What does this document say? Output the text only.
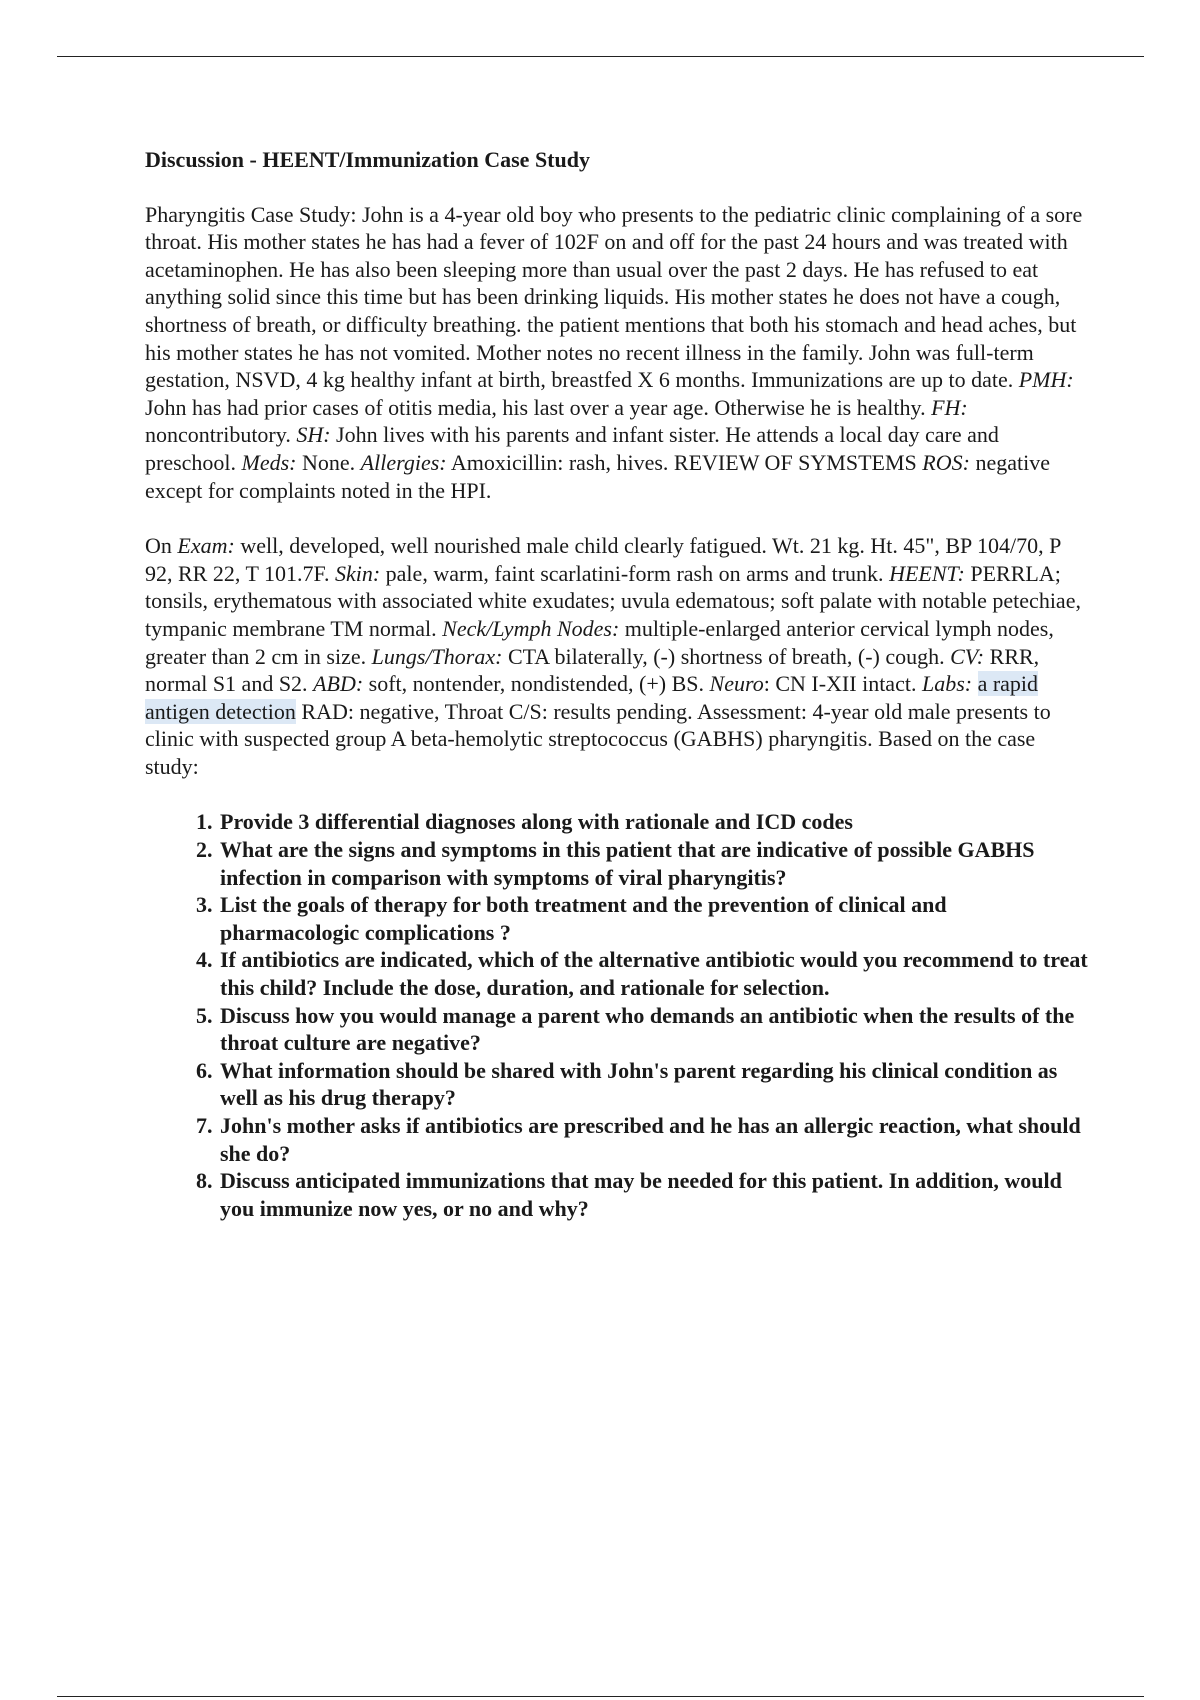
Discussion - HEENT/Immunization Case Study

Pharyngitis Case Study: John is a 4-year old boy who presents to the pediatric clinic complaining of a sore throat. His mother states he has had a fever of 102F on and off for the past 24 hours and was treated with acetaminophen. He has also been sleeping more than usual over the past 2 days. He has refused to eat anything solid since this time but has been drinking liquids. His mother states he does not have a cough, shortness of breath, or difficulty breathing. the patient mentions that both his stomach and head aches, but his mother states he has not vomited. Mother notes no recent illness in the family. John was full-term gestation, NSVD, 4 kg healthy infant at birth, breastfed X 6 months. Immunizations are up to date. PMH: John has had prior cases of otitis media, his last over a year age. Otherwise he is healthy. FH: noncontributory. SH: John lives with his parents and infant sister. He attends a local day care and preschool. Meds: None. Allergies: Amoxicillin: rash, hives. REVIEW OF SYMSTEMS ROS: negative except for complaints noted in the HPI.

On Exam: well, developed, well nourished male child clearly fatigued. Wt. 21 kg. Ht. 45", BP 104/70, P 92, RR 22, T 101.7F. Skin: pale, warm, faint scarlatini-form rash on arms and trunk. HEENT: PERRLA; tonsils, erythematous with associated white exudates; uvula edematous; soft palate with notable petechiae, tympanic membrane TM normal. Neck/Lymph Nodes: multiple-enlarged anterior cervical lymph nodes, greater than 2 cm in size. Lungs/Thorax: CTA bilaterally, (-) shortness of breath, (-) cough. CV: RRR, normal S1 and S2. ABD: soft, nontender, nondistended, (+) BS. Neuro: CN I-XII intact. Labs: a rapid antigen detection RAD: negative, Throat C/S: results pending. Assessment: 4-year old male presents to clinic with suspected group A beta-hemolytic streptococcus (GABHS) pharyngitis. Based on the case study:

1. Provide 3 differential diagnoses along with rationale and ICD codes
2. What are the signs and symptoms in this patient that are indicative of possible GABHS infection in comparison with symptoms of viral pharyngitis?
3. List the goals of therapy for both treatment and the prevention of clinical and pharmacologic complications ?
4. If antibiotics are indicated, which of the alternative antibiotic would you recommend to treat this child? Include the dose, duration, and rationale for selection.
5. Discuss how you would manage a parent who demands an antibiotic when the results of the throat culture are negative?
6. What information should be shared with John's parent regarding his clinical condition as well as his drug therapy?
7. John's mother asks if antibiotics are prescribed and he has an allergic reaction, what should she do?
8. Discuss anticipated immunizations that may be needed for this patient. In addition, would you immunize now yes, or no and why?
